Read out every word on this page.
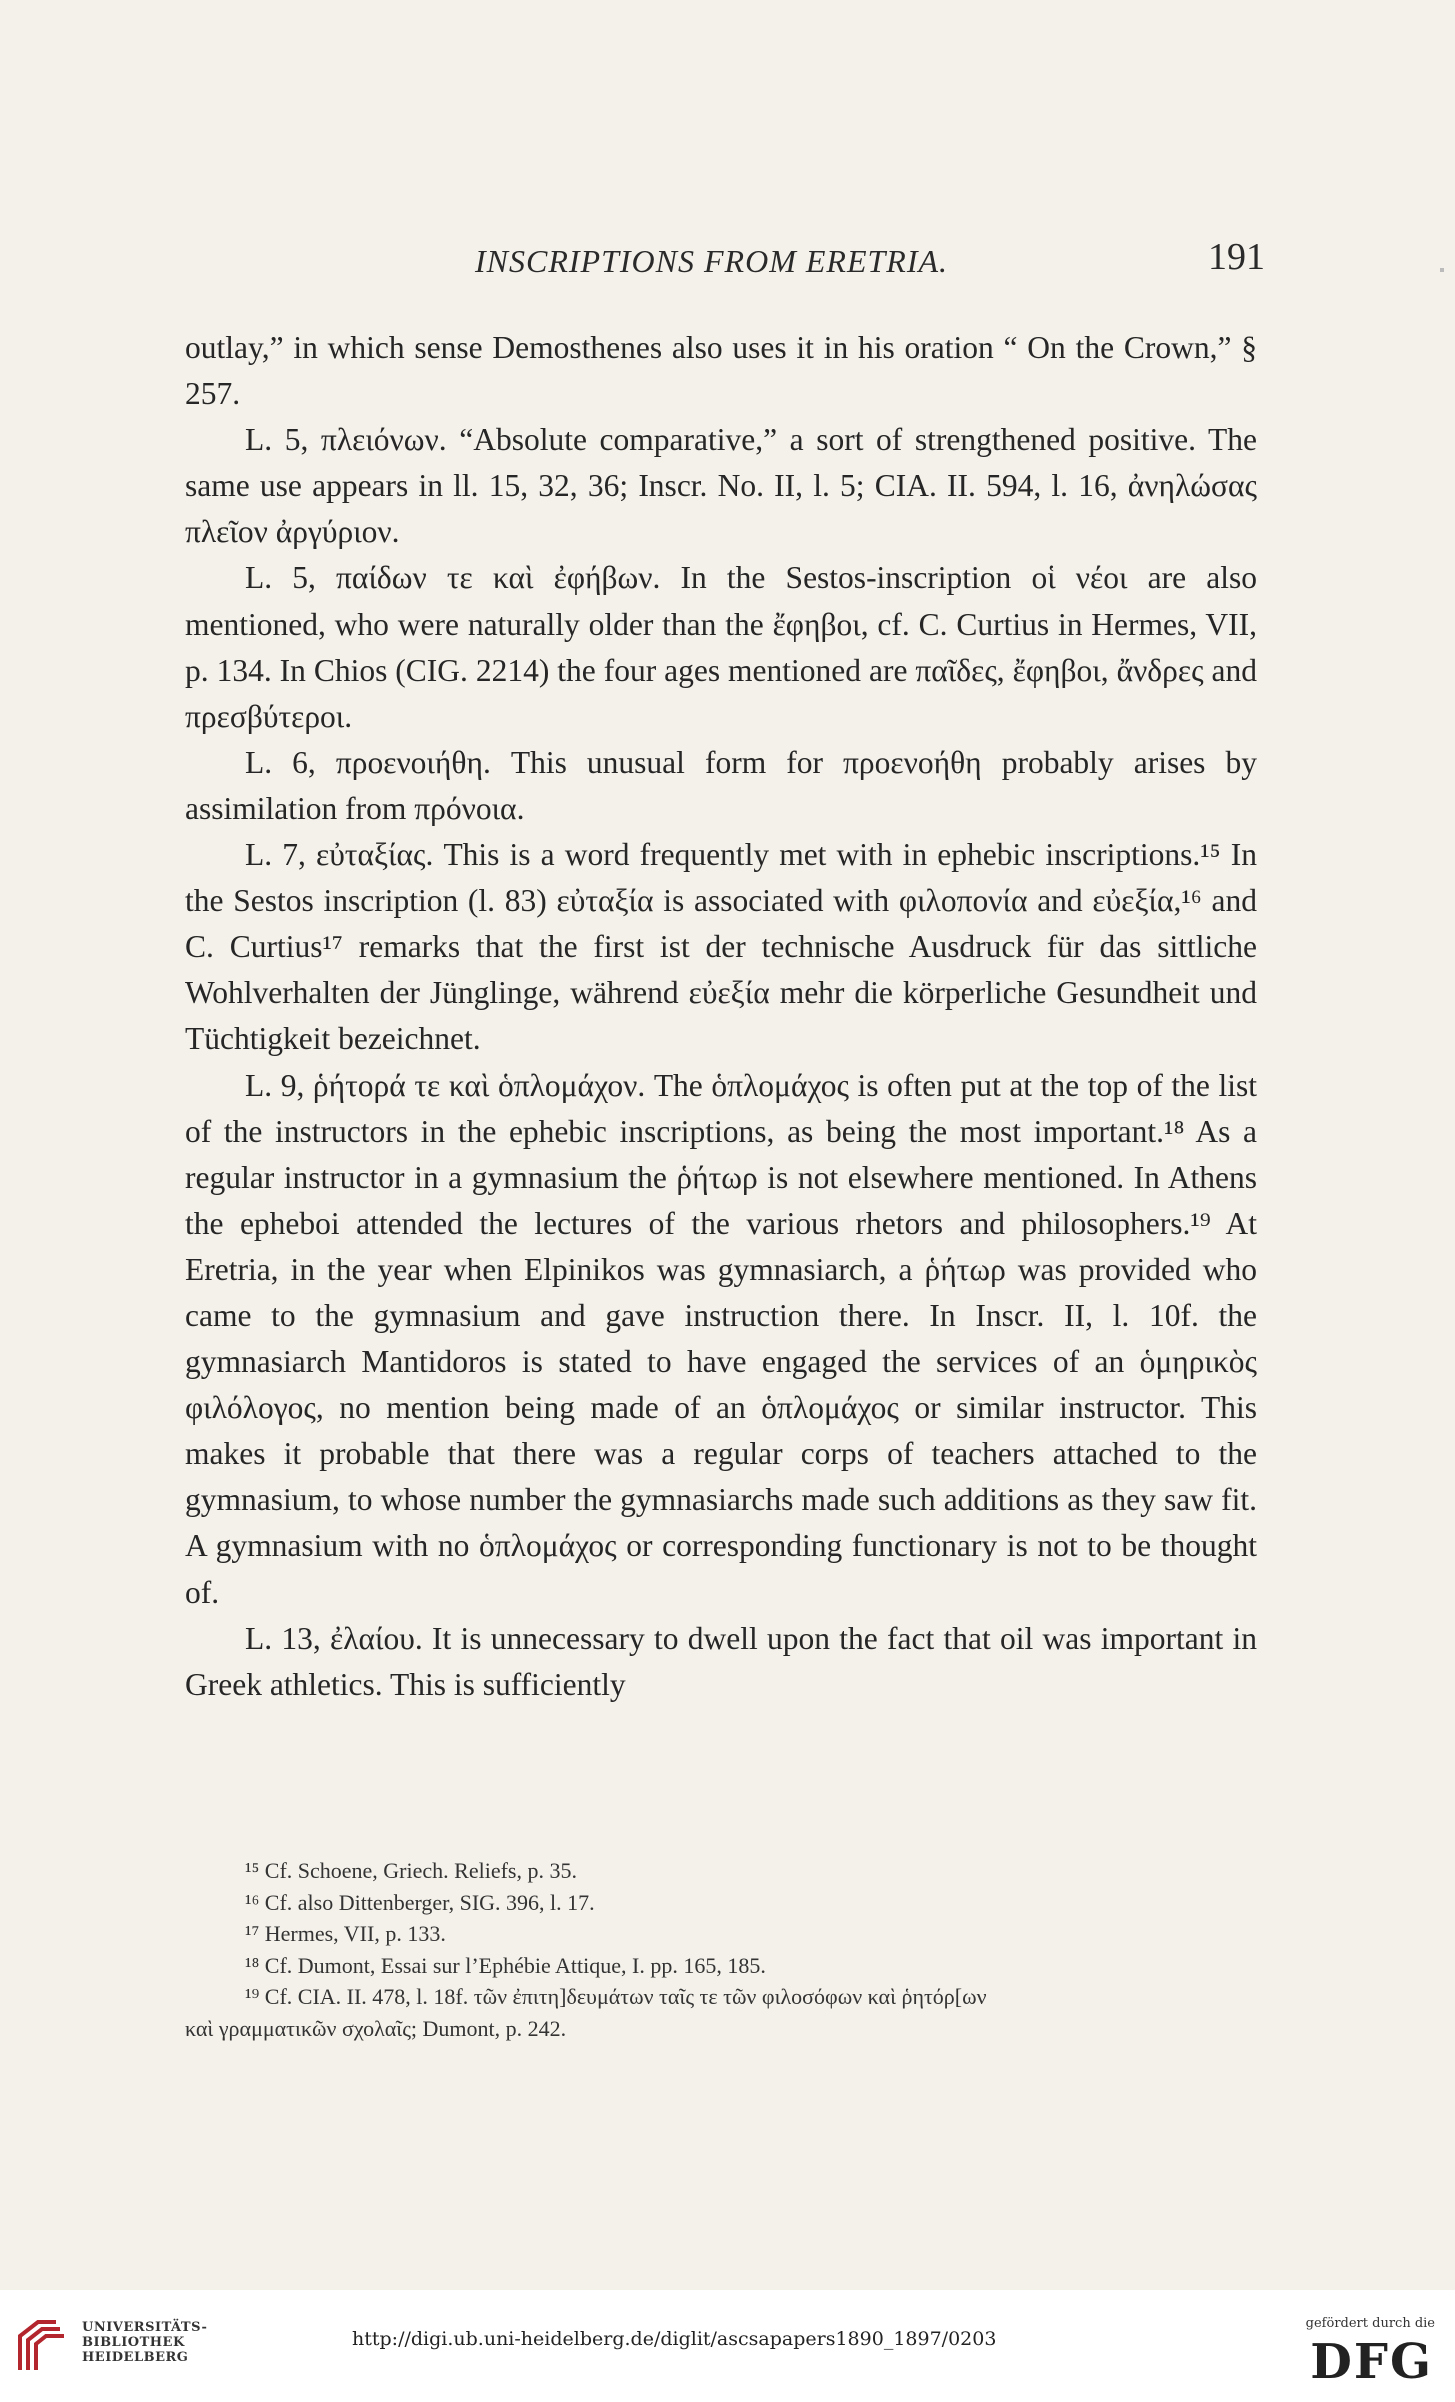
INSCRIPTIONS FROM ERETRIA.	191

outlay,” in which sense Demosthenes also uses it in his oration “ On the Crown,” § 257.

L. 5, πλειόνων. “Absolute comparative,” a sort of strengthened positive. The same use appears in ll. 15, 32, 36; Inscr. No. II, l. 5; CIA. II. 594, l. 16, ἀνηλώσας πλεῖον ἀργύριον.

L. 5, παίδων τε καὶ ἐφήβων. In the Sestos-inscription οἱ νέοι are also mentioned, who were naturally older than the ἔφηβοι, cf. C. Curtius in Hermes, VII, p. 134. In Chios (CIG. 2214) the four ages mentioned are παῖδες, ἔφηβοι, ἄνδρες and πρεσβύτεροι.

L. 6, προενοιήθη. This unusual form for προενοήθη probably arises by assimilation from πρόνοια.

L. 7, εὐταξίας. This is a word frequently met with in ephebic inscriptions.¹⁵ In the Sestos inscription (l. 83) εὐταξία is associated with φιλοπονία and εὐεξία,¹⁶ and C. Curtius¹⁷ remarks that the first ist der technische Ausdruck für das sittliche Wohlverhalten der Jünglinge, während εὐεξία mehr die körperliche Gesundheit und Tüchtigkeit bezeichnet.

L. 9, ῥήτορά τε καὶ ὁπλομάχον. The ὁπλομάχος is often put at the top of the list of the instructors in the ephebic inscriptions, as being the most important.¹⁸ As a regular instructor in a gymnasium the ῥήτωρ is not elsewhere mentioned. In Athens the epheboi attended the lectures of the various rhetors and philosophers.¹⁹ At Eretria, in the year when Elpinikos was gymnasiarch, a ῥήτωρ was provided who came to the gymnasium and gave instruction there. In Inscr. II, l. 10f. the gymnasiarch Mantidoros is stated to have engaged the services of an ὁμηρικὸς φιλόλογος, no mention being made of an ὁπλομάχος or similar instructor. This makes it probable that there was a regular corps of teachers attached to the gymnasium, to whose number the gymnasiarchs made such additions as they saw fit. A gymnasium with no ὁπλομάχος or corresponding functionary is not to be thought of.

L. 13, ἐλαίου. It is unnecessary to dwell upon the fact that oil was important in Greek athletics. This is sufficiently

¹⁵ Cf. Schoene, Griech. Reliefs, p. 35.

¹⁶ Cf. also Dittenberger, SIG. 396, l. 17.

¹⁷ Hermes, VII, p. 133.

¹⁸ Cf. Dumont, Essai sur l’Ephébie Attique, I. pp. 165, 185.

¹⁹ Cf. CIA. II. 478, l. 18f. τῶν ἐπιτη]δευμάτων ταῖς τε τῶν φιλοσόφων καὶ ῥητόρ[ων

καὶ γραμματικῶν σχολαῖς; Dumont, p. 242.

UNIVERSITÄTS-
BIBLIOTHEK
HEIDELBERG
http://digi.ub.uni-heidelberg.de/diglit/ascsapapers1890_1897/0203
gefördert durch die
DFG
